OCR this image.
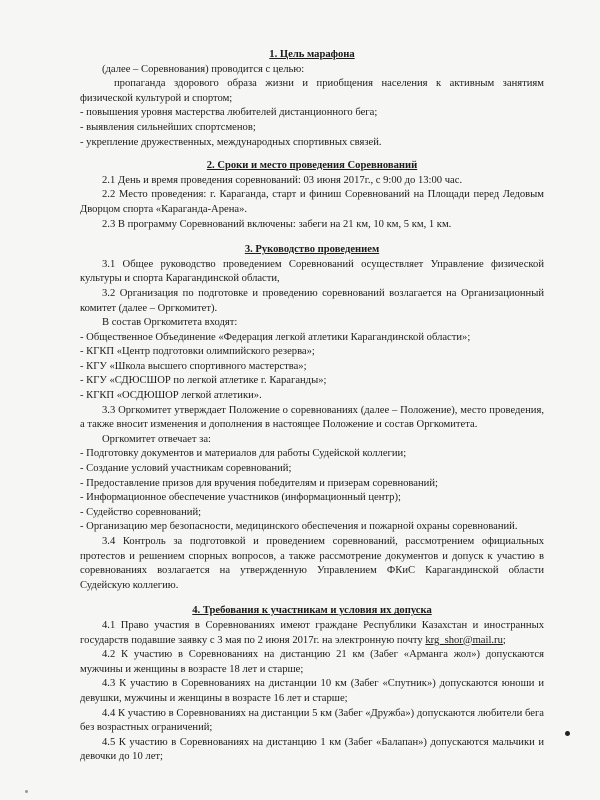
1. Цель марафона

(далее – Соревнования) проводится с целью:

пропаганда здорового образа жизни и приобщения населения к активным занятиям физической культурой и спортом;

- повышения уровня мастерства любителей дистанционного бега;

- выявления сильнейших спортсменов;

- укрепление дружественных, международных спортивных связей.

2. Сроки и место проведения Соревнований

2.1 День и время проведения соревнований: 03 июня 2017г., с 9:00 до 13:00 час.

2.2 Место проведения: г. Караганда, старт и финиш Соревнований на Площади перед Ледовым Дворцом спорта «Караганда-Арена».

2.3 В программу Соревнований включены: забеги на 21 км, 10 км, 5 км, 1 км.

3. Руководство проведением

3.1 Общее руководство проведением Соревнований осуществляет Управление физической культуры и спорта Карагандинской области,

3.2 Организация по подготовке и проведению соревнований возлагается на Организационный комитет (далее – Оргкомитет).

В состав Оргкомитета входят:

- Общественное Объединение «Федерация легкой атлетики Карагандинской области»;

- КГКП «Центр подготовки олимпийского резерва»;

- КГУ «Школа высшего спортивного мастерства»;

- КГУ «СДЮСШОР по легкой атлетике г. Караганды»;

- КГКП «ОСДЮШОР легкой атлетики».

3.3 Оргкомитет утверждает Положение о соревнованиях (далее – Положение), место проведения, а также вносит изменения и дополнения в настоящее Положение и состав Оргкомитета.

Оргкомитет отвечает за:

- Подготовку документов и материалов для работы Судейской коллегии;

- Создание условий участникам соревнований;

- Предоставление призов для вручения победителям и призерам соревнований;

- Информационное обеспечение участников (информационный центр);

- Судейство соревнований;

- Организацию мер безопасности, медицинского обеспечения и пожарной охраны соревнований.

3.4 Контроль за подготовкой и проведением соревнований, рассмотрением официальных протестов и решением спорных вопросов, а также рассмотрение документов и допуск к участию в соревнованиях возлагается на утвержденную Управлением ФКиС Карагандинской области Судейскую коллегию.

4. Требования к участникам и условия их допуска

4.1 Право участия в Соревнованиях имеют граждане Республики Казахстан и иностранных государств подавшие заявку с 3 мая по 2 июня 2017г. на электронную почту krg_shor@mail.ru;

4.2 К участию в Соревнованиях на дистанцию 21 км (Забег «Арманга жол») допускаются мужчины и женщины в возрасте 18 лет и старше;

4.3 К участию в Соревнованиях на дистанции 10 км (Забег «Спутник») допускаются юноши и девушки, мужчины и женщины в возрасте 16 лет и старше;

4.4 К участию в Соревнованиях на дистанции 5 км (Забег «Дружба») допускаются любители бега без возрастных ограничений;

4.5 К участию в Соревнованиях на дистанцию 1 км (Забег «Балапан») допускаются мальчики и девочки до 10 лет;
